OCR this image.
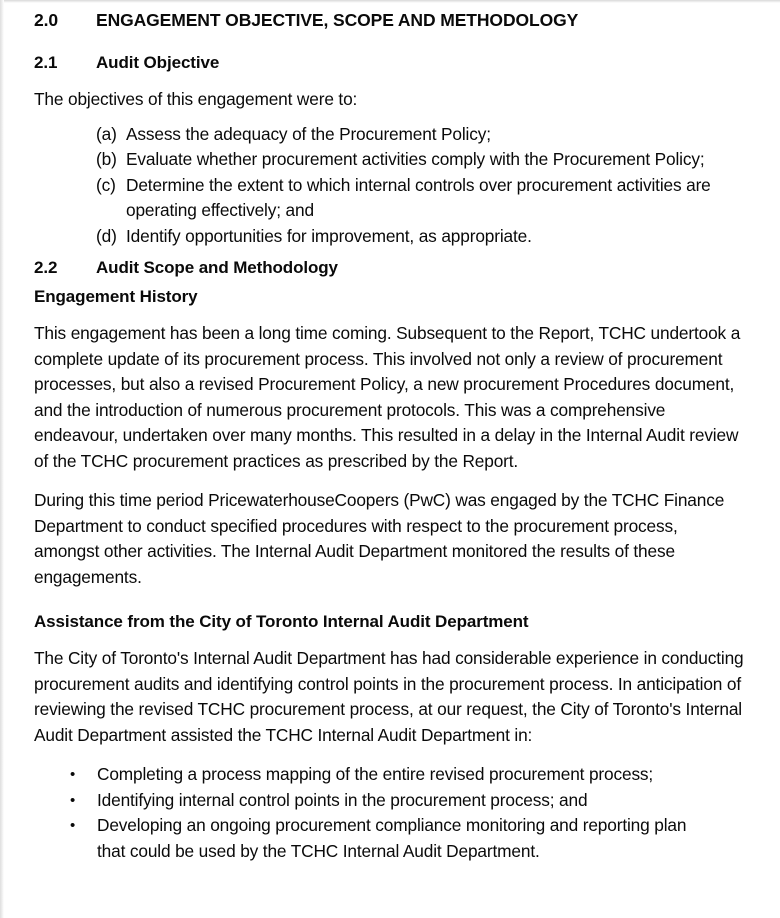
2.0	ENGAGEMENT OBJECTIVE, SCOPE AND METHODOLOGY
2.1	Audit Objective

The objectives of this engagement were to:

(a) Assess the adequacy of the Procurement Policy;
(b) Evaluate whether procurement activities comply with the Procurement Policy;
(c) Determine the extent to which internal controls over procurement activities are operating effectively; and
(d) Identify opportunities for improvement, as appropriate.
2.2	Audit Scope and Methodology
Engagement History

This engagement has been a long time coming. Subsequent to the Report, TCHC undertook a complete update of its procurement process. This involved not only a review of procurement processes, but also a revised Procurement Policy, a new procurement Procedures document, and the introduction of numerous procurement protocols. This was a comprehensive endeavour, undertaken over many months. This resulted in a delay in the Internal Audit review of the TCHC procurement practices as prescribed by the Report.

During this time period PricewaterhouseCoopers (PwC) was engaged by the TCHC Finance Department to conduct specified procedures with respect to the procurement process, amongst other activities. The Internal Audit Department monitored the results of these engagements.

Assistance from the City of Toronto Internal Audit Department

The City of Toronto's Internal Audit Department has had considerable experience in conducting procurement audits and identifying control points in the procurement process. In anticipation of reviewing the revised TCHC procurement process, at our request, the City of Toronto's Internal Audit Department assisted the TCHC Internal Audit Department in:

•	Completing a process mapping of the entire revised procurement process;
•	Identifying internal control points in the procurement process; and
•	Developing an ongoing procurement compliance monitoring and reporting plan that could be used by the TCHC Internal Audit Department.
